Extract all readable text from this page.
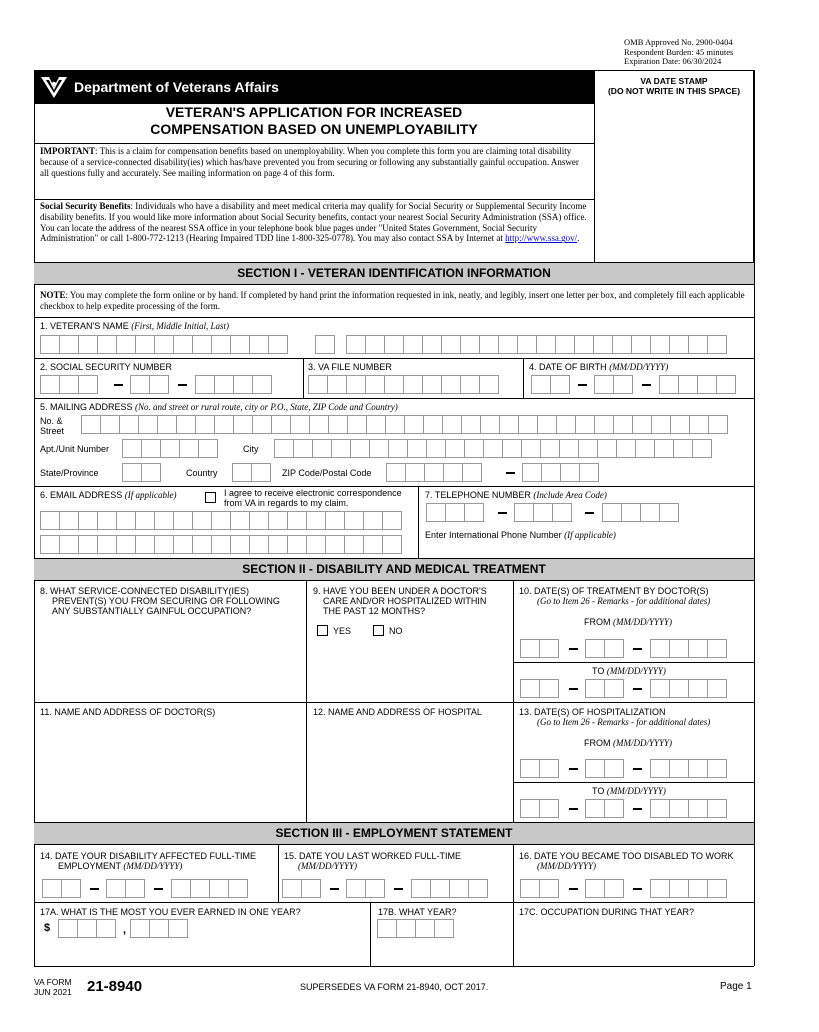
OMB Approved No. 2900-0404
Respondent Burden: 45 minutes
Expiration Date: 06/30/2024
Department of Veterans Affairs
VETERAN'S APPLICATION FOR INCREASED
COMPENSATION BASED ON UNEMPLOYABILITY
VA DATE STAMP
(DO NOT WRITE IN THIS SPACE)
IMPORTANT: This is a claim for compensation benefits based on unemployability. When you complete this form you are claiming total disability because of a service-connected disability(ies) which has/have prevented you from securing or following any substantially gainful occupation. Answer all questions fully and accurately. See mailing information on page 4 of this form.
Social Security Benefits: Individuals who have a disability and meet medical criteria may qualify for Social Security or Supplemental Security Income disability benefits. If you would like more information about Social Security benefits, contact your nearest Social Security Administration (SSA) office. You can locate the address of the nearest SSA office in your telephone book blue pages under "United States Government, Social Security Administration" or call 1-800-772-1213 (Hearing Impaired TDD line 1-800-325-0778). You may also contact SSA by Internet at http://www.ssa.gov/.
SECTION I - VETERAN IDENTIFICATION INFORMATION
NOTE: You may complete the form online or by hand. If completed by hand print the information requested in ink, neatly, and legibly, insert one letter per box, and completely fill each applicable checkbox to help expedite processing of the form.
1. VETERAN'S NAME (First, Middle Initial, Last)
2. SOCIAL SECURITY NUMBER	3. VA FILE NUMBER	4. DATE OF BIRTH (MM/DD/YYYY)
5. MAILING ADDRESS (No. and street or rural route, city or P.O., State, ZIP Code and Country)
No. &
Street
Apt./Unit Number	City
State/Province	Country	ZIP Code/Postal Code
6. EMAIL ADDRESS (If applicable)	I agree to receive electronic correspondence
from VA in regards to my claim.
7. TELEPHONE NUMBER (Include Area Code)
Enter International Phone Number (If applicable)
SECTION II - DISABILITY AND MEDICAL TREATMENT
8. WHAT SERVICE-CONNECTED DISABILITY(IES)
PREVENT(S) YOU FROM SECURING OR FOLLOWING
ANY SUBSTANTIALLY GAINFUL OCCUPATION?
9. HAVE YOU BEEN UNDER A DOCTOR'S
CARE AND/OR HOSPITALIZED WITHIN
THE PAST 12 MONTHS?
YES	NO
10. DATE(S) OF TREATMENT BY DOCTOR(S)
(Go to Item 26 - Remarks - for additional dates)
FROM (MM/DD/YYYY)
TO (MM/DD/YYYY)
11. NAME AND ADDRESS OF DOCTOR(S)	12. NAME AND ADDRESS OF HOSPITAL	13. DATE(S) OF HOSPITALIZATION
(Go to Item 26 - Remarks - for additional dates)
FROM (MM/DD/YYYY)
TO (MM/DD/YYYY)
SECTION III - EMPLOYMENT STATEMENT
14. DATE YOUR DISABILITY AFFECTED FULL-TIME
EMPLOYMENT (MM/DD/YYYY)
15. DATE YOU LAST WORKED FULL-TIME
(MM/DD/YYYY)
16. DATE YOU BECAME TOO DISABLED TO WORK
(MM/DD/YYYY)
17A. WHAT IS THE MOST YOU EVER EARNED IN ONE YEAR?
$	,
17B. WHAT YEAR?	17C. OCCUPATION DURING THAT YEAR?
VA FORM
JUN 2021 21-8940	SUPERSEDES VA FORM 21-8940, OCT 2017.	Page 1
